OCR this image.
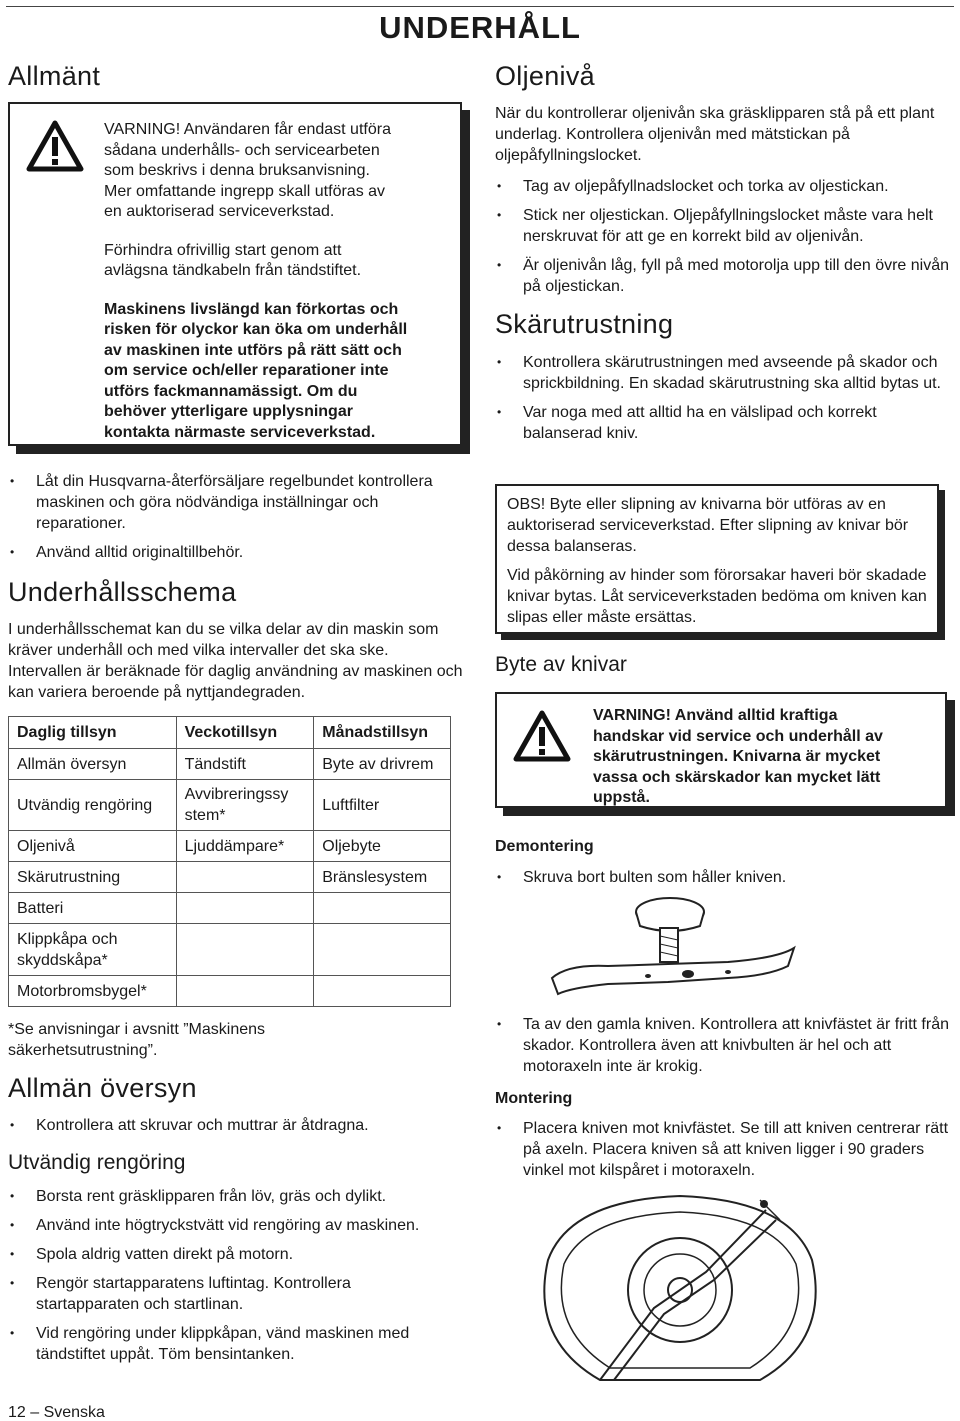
UNDERHÅLL
Allmänt

VARNING! Användaren får endast utföra
sådana underhålls- och servicearbeten
som beskrivs i denna bruksanvisning.
Mer omfattande ingrepp skall utföras av
en auktoriserad serviceverkstad.

Förhindra ofrivillig start genom att
avlägsna tändkabeln från tändstiftet.

Maskinens livslängd kan förkortas och
risken för olyckor kan öka om underhåll
av maskinen inte utförs på rätt sätt och
om service och/eller reparationer inte
utförs fackmannamässigt. Om du
behöver ytterligare upplysningar
kontakta närmaste serviceverkstad.

• Låt din Husqvarna-återförsäljare regelbundet kontrollera maskinen och göra nödvändiga inställningar och reparationer.
• Använd alltid originaltillbehör.
Underhållsschema

I underhållsschemat kan du se vilka delar av din maskin som kräver underhåll och med vilka intervaller det ska ske. Intervallen är beräknade för daglig användning av maskinen och kan variera beroende på nyttjandegraden.

Daglig tillsyn	Veckotillsyn	Månadstillsyn
Allmän översyn	Tändstift	Byte av drivrem
Utvändig rengöring	Avvibreringssy stem*	Luftfilter
Oljenivå	Ljuddämpare*	Oljebyte
Skärutrustning		Bränslesystem
Batteri		
Klippkåpa och skyddskåpa*		
Motorbromsbygel*		

*Se anvisningar i avsnitt ”Maskinens säkerhetsutrustning”.

Allmän översyn
• Kontrollera att skruvar och muttrar är åtdragna.
Utvändig rengöring
• Borsta rent gräsklipparen från löv, gräs och dylikt.
• Använd inte högtryckstvätt vid rengöring av maskinen.
• Spola aldrig vatten direkt på motorn.
• Rengör startapparatens luftintag. Kontrollera startapparaten och startlinan.
• Vid rengöring under klippkåpan, vänd maskinen med tändstiftet uppåt. Töm bensintanken.
12 – Svenska
Oljenivå

När du kontrollerar oljenivån ska gräsklipparen stå på ett plant underlag. Kontrollera oljenivån med mätstickan på oljepåfyllningslocket.

• Tag av oljepåfyllnadslocket och torka av oljestickan.
• Stick ner oljestickan. Oljepåfyllningslocket måste vara helt nerskruvat för att ge en korrekt bild av oljenivån.
• Är oljenivån låg, fyll på med motorolja upp till den övre nivån på oljestickan.
Skärutrustning
• Kontrollera skärutrustningen med avseende på skador och sprickbildning. En skadad skärutrustning ska alltid bytas ut.
• Var noga med att alltid ha en välslipad och korrekt balanserad kniv.

OBS! Byte eller slipning av knivarna bör utföras av en auktoriserad serviceverkstad. Efter slipning av knivar bör dessa balanseras.

Vid påkörning av hinder som förorsakar haveri bör skadade knivar bytas. Låt serviceverkstaden bedöma om kniven kan slipas eller måste ersättas.

Byte av knivar

VARNING! Använd alltid kraftiga
handskar vid service och underhåll av
skärutrustningen. Knivarna är mycket
vassa och skärskador kan mycket lätt
uppstå.

Demontering
• Skruva bort bulten som håller kniven.
• Ta av den gamla kniven. Kontrollera att knivfästet är fritt från skador. Kontrollera även att knivbulten är hel och att motoraxeln inte är krokig.
Montering
• Placera kniven mot knivfästet. Se till att kniven centrerar rätt på axeln. Placera kniven så att kniven ligger i 90 graders vinkel mot kilspåret i motoraxeln.
